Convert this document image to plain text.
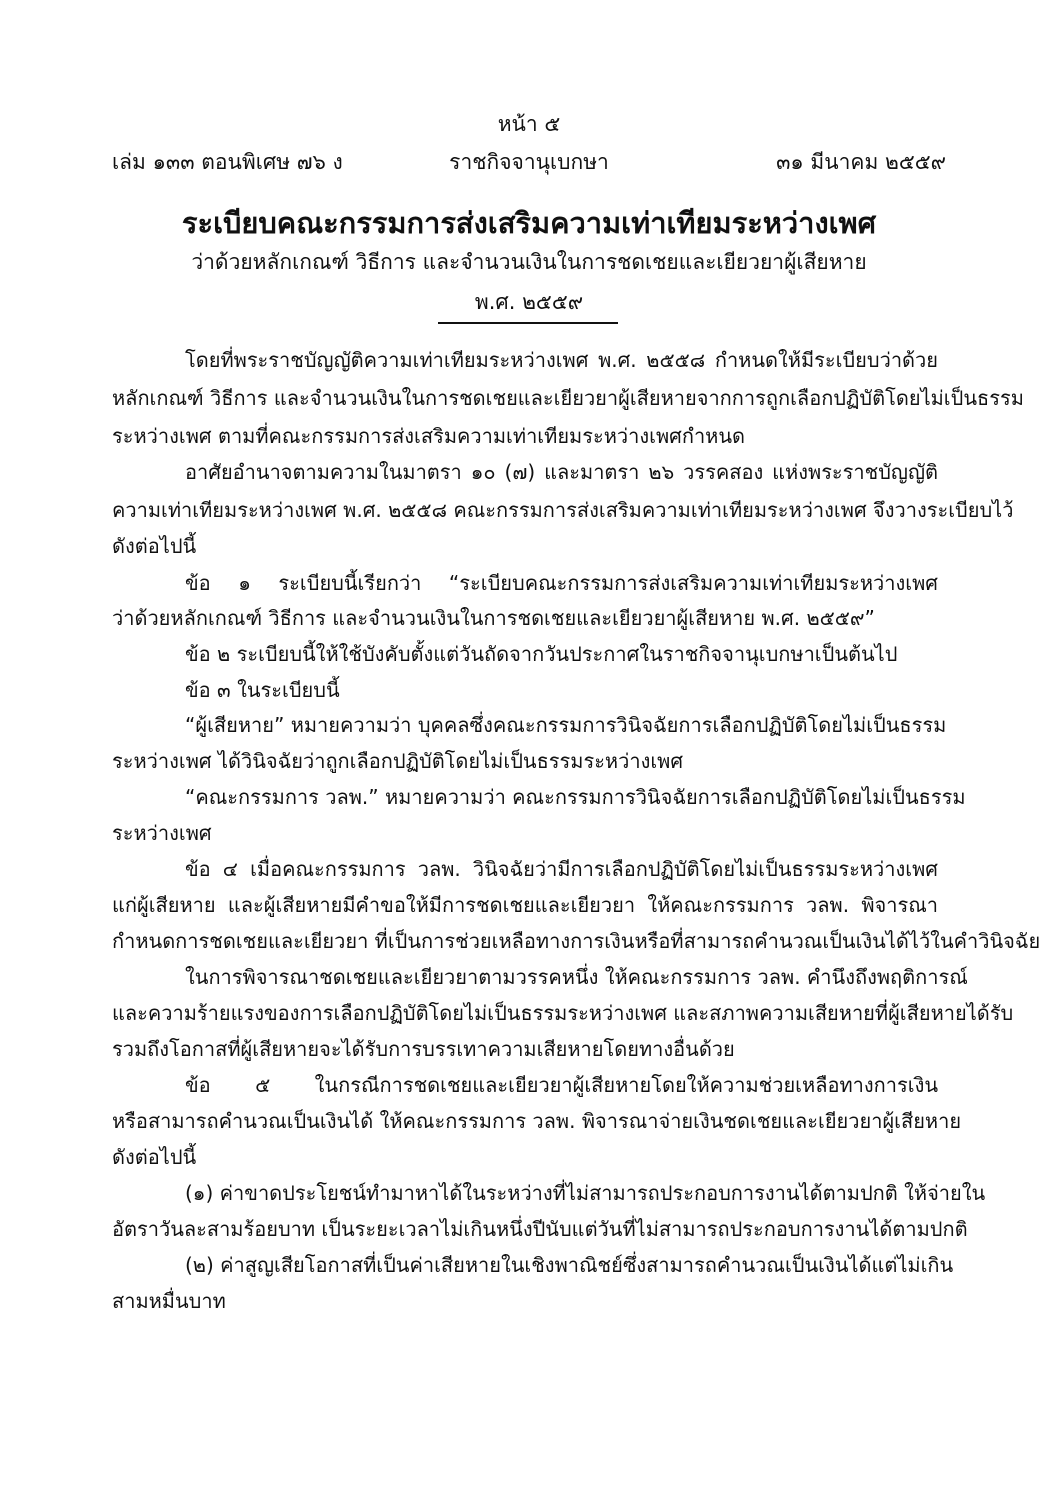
หน้า ๕
เล่ม ๑๓๓ ตอนพิเศษ ๗๖ ง	ราชกิจจานุเบกษา	๓๑ มีนาคม ๒๕๕๙
ระเบียบคณะกรรมการส่งเสริมความเท่าเทียมระหว่างเพศ
ว่าด้วยหลักเกณฑ์ วิธีการ และจำนวนเงินในการชดเชยและเยียวยาผู้เสียหาย
พ.ศ. ๒๕๕๙
โดยที่พระราชบัญญัติความเท่าเทียมระหว่างเพศ พ.ศ. ๒๕๕๘ กำหนดให้มีระเบียบว่าด้วย
หลักเกณฑ์ วิธีการ และจำนวนเงินในการชดเชยและเยียวยาผู้เสียหายจากการถูกเลือกปฏิบัติโดยไม่เป็นธรรม
ระหว่างเพศ ตามที่คณะกรรมการส่งเสริมความเท่าเทียมระหว่างเพศกำหนด
อาศัยอำนาจตามความในมาตรา ๑๐ (๗) และมาตรา ๒๖ วรรคสอง แห่งพระราชบัญญัติ
ความเท่าเทียมระหว่างเพศ พ.ศ. ๒๕๕๘ คณะกรรมการส่งเสริมความเท่าเทียมระหว่างเพศ จึงวางระเบียบไว้
ดังต่อไปนี้
ข้อ ๑ ระเบียบนี้เรียกว่า “ระเบียบคณะกรรมการส่งเสริมความเท่าเทียมระหว่างเพศ
ว่าด้วยหลักเกณฑ์ วิธีการ และจำนวนเงินในการชดเชยและเยียวยาผู้เสียหาย พ.ศ. ๒๕๕๙”
ข้อ ๒ ระเบียบนี้ให้ใช้บังคับตั้งแต่วันถัดจากวันประกาศในราชกิจจานุเบกษาเป็นต้นไป
ข้อ ๓ ในระเบียบนี้
“ผู้เสียหาย” หมายความว่า บุคคลซึ่งคณะกรรมการวินิจฉัยการเลือกปฏิบัติโดยไม่เป็นธรรม
ระหว่างเพศ ได้วินิจฉัยว่าถูกเลือกปฏิบัติโดยไม่เป็นธรรมระหว่างเพศ
“คณะกรรมการ วลพ.” หมายความว่า คณะกรรมการวินิจฉัยการเลือกปฏิบัติโดยไม่เป็นธรรม
ระหว่างเพศ
ข้อ ๔ เมื่อคณะกรรมการ วลพ. วินิจฉัยว่ามีการเลือกปฏิบัติโดยไม่เป็นธรรมระหว่างเพศ
แก่ผู้เสียหาย และผู้เสียหายมีคำขอให้มีการชดเชยและเยียวยา ให้คณะกรรมการ วลพ. พิจารณา
กำหนดการชดเชยและเยียวยา ที่เป็นการช่วยเหลือทางการเงินหรือที่สามารถคำนวณเป็นเงินได้ไว้ในคำวินิจฉัย
ในการพิจารณาชดเชยและเยียวยาตามวรรคหนึ่ง ให้คณะกรรมการ วลพ. คำนึงถึงพฤติการณ์
และความร้ายแรงของการเลือกปฏิบัติโดยไม่เป็นธรรมระหว่างเพศ และสภาพความเสียหายที่ผู้เสียหายได้รับ
รวมถึงโอกาสที่ผู้เสียหายจะได้รับการบรรเทาความเสียหายโดยทางอื่นด้วย
ข้อ ๕ ในกรณีการชดเชยและเยียวยาผู้เสียหายโดยให้ความช่วยเหลือทางการเงิน
หรือสามารถคำนวณเป็นเงินได้ ให้คณะกรรมการ วลพ. พิจารณาจ่ายเงินชดเชยและเยียวยาผู้เสียหาย
ดังต่อไปนี้
(๑) ค่าขาดประโยชน์ทำมาหาได้ในระหว่างที่ไม่สามารถประกอบการงานได้ตามปกติ ให้จ่ายใน
อัตราวันละสามร้อยบาท เป็นระยะเวลาไม่เกินหนึ่งปีนับแต่วันที่ไม่สามารถประกอบการงานได้ตามปกติ
(๒) ค่าสูญเสียโอกาสที่เป็นค่าเสียหายในเชิงพาณิชย์ซึ่งสามารถคำนวณเป็นเงินได้แต่ไม่เกิน
สามหมื่นบาท
